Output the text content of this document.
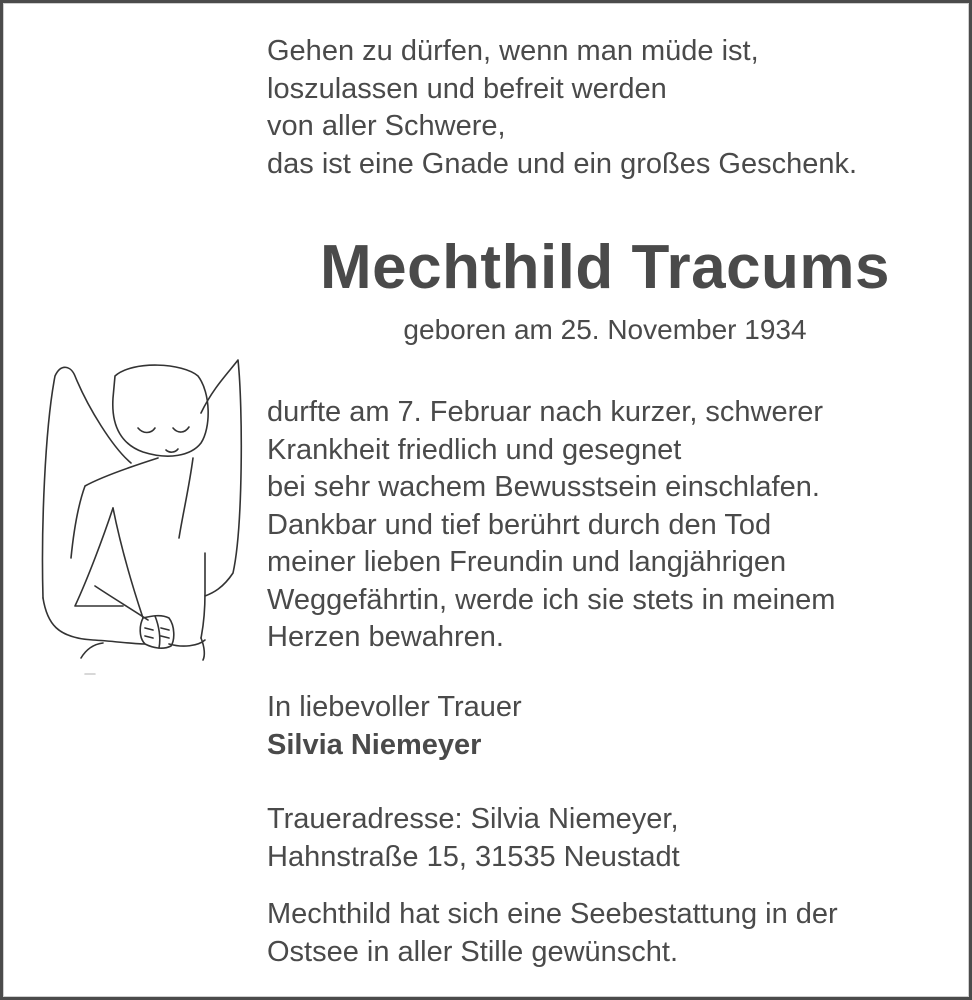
Gehen zu dürfen, wenn man müde ist,
loszulassen und befreit werden
von aller Schwere,
das ist eine Gnade und ein großes Geschenk.
Mechthild Tracums
geboren am 25. November 1934
durfte am 7. Februar nach kurzer, schwerer
Krankheit friedlich und gesegnet
bei sehr wachem Bewusstsein einschlafen.
Dankbar und tief berührt durch den Tod
meiner lieben Freundin und langjährigen
Weggefährtin, werde ich sie stets in meinem
Herzen bewahren.
In liebevoller Trauer
Silvia Niemeyer
Traueradresse: Silvia Niemeyer,
Hahnstraße 15, 31535 Neustadt
Mechthild hat sich eine Seebestattung in der
Ostsee in aller Stille gewünscht.
